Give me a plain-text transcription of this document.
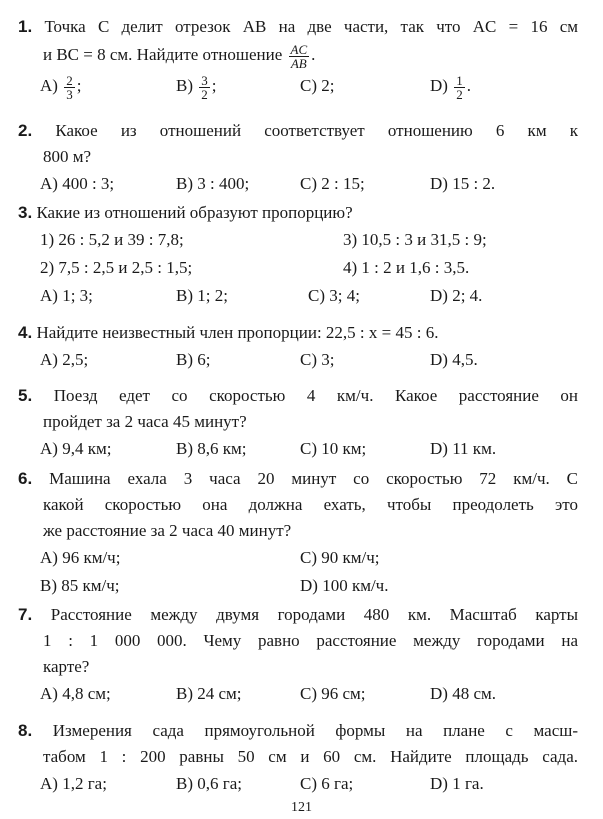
1. Точка C делит отрезок AB на две части, так что AC = 16 см
и BC = 8 см. Найдите отношение $\frac{AC}{AB}$ .
$A) \frac{2}{3}$ ;	$B) \frac{3}{2}$ ;	C) 2;	$D) \frac{1}{2}$ .
2. Какое из отношений соответствует отношению 6 км к
800 м?
A) 400 : 3;	B) 3 : 400;	C) 2 : 15;	D) 15 : 2.
3. Какие из отношений образуют пропорцию?
1) 26 : 5,2 и 39 : 7,8;	3) 10,5 : 3 и 31,5 : 9;
2) 7,5 : 2,5 и 2,5 : 1,5;	4) 1 : 2 и 1,6 : 3,5.
A) 1; 3;	B) 1; 2;	C) 3; 4;	D) 2; 4.
4. Найдите неизвестный член пропорции: 22,5 : x = 45 : 6.
A) 2,5;	B) 6;	C) 3;	D) 4,5.
5. Поезд едет со скоростью 4 км/ч. Какое расстояние он
пройдет за 2 часа 45 минут?
A) 9,4 км;	B) 8,6 км;	C) 10 км;	D) 11 км.
6. Машина ехала 3 часа 20 минут со скоростью 72 км/ч. С
какой скоростью она должна ехать, чтобы преодолеть это
же расстояние за 2 часа 40 минут?
A) 96 км/ч;	C) 90 км/ч;
B) 85 км/ч;	D) 100 км/ч.
7. Расстояние между двумя городами 480 км. Масштаб карты
1 : 1 000 000. Чему равно расстояние между городами на
карте?
A) 4,8 см;	B) 24 см;	C) 96 см;	D) 48 см.
8. Измерения сада прямоугольной формы на плане с масш-
табом 1 : 200 равны 50 см и 60 см. Найдите площадь сада.
A) 1,2 га;	B) 0,6 га;	C) 6 га;	D) 1 га.
121
